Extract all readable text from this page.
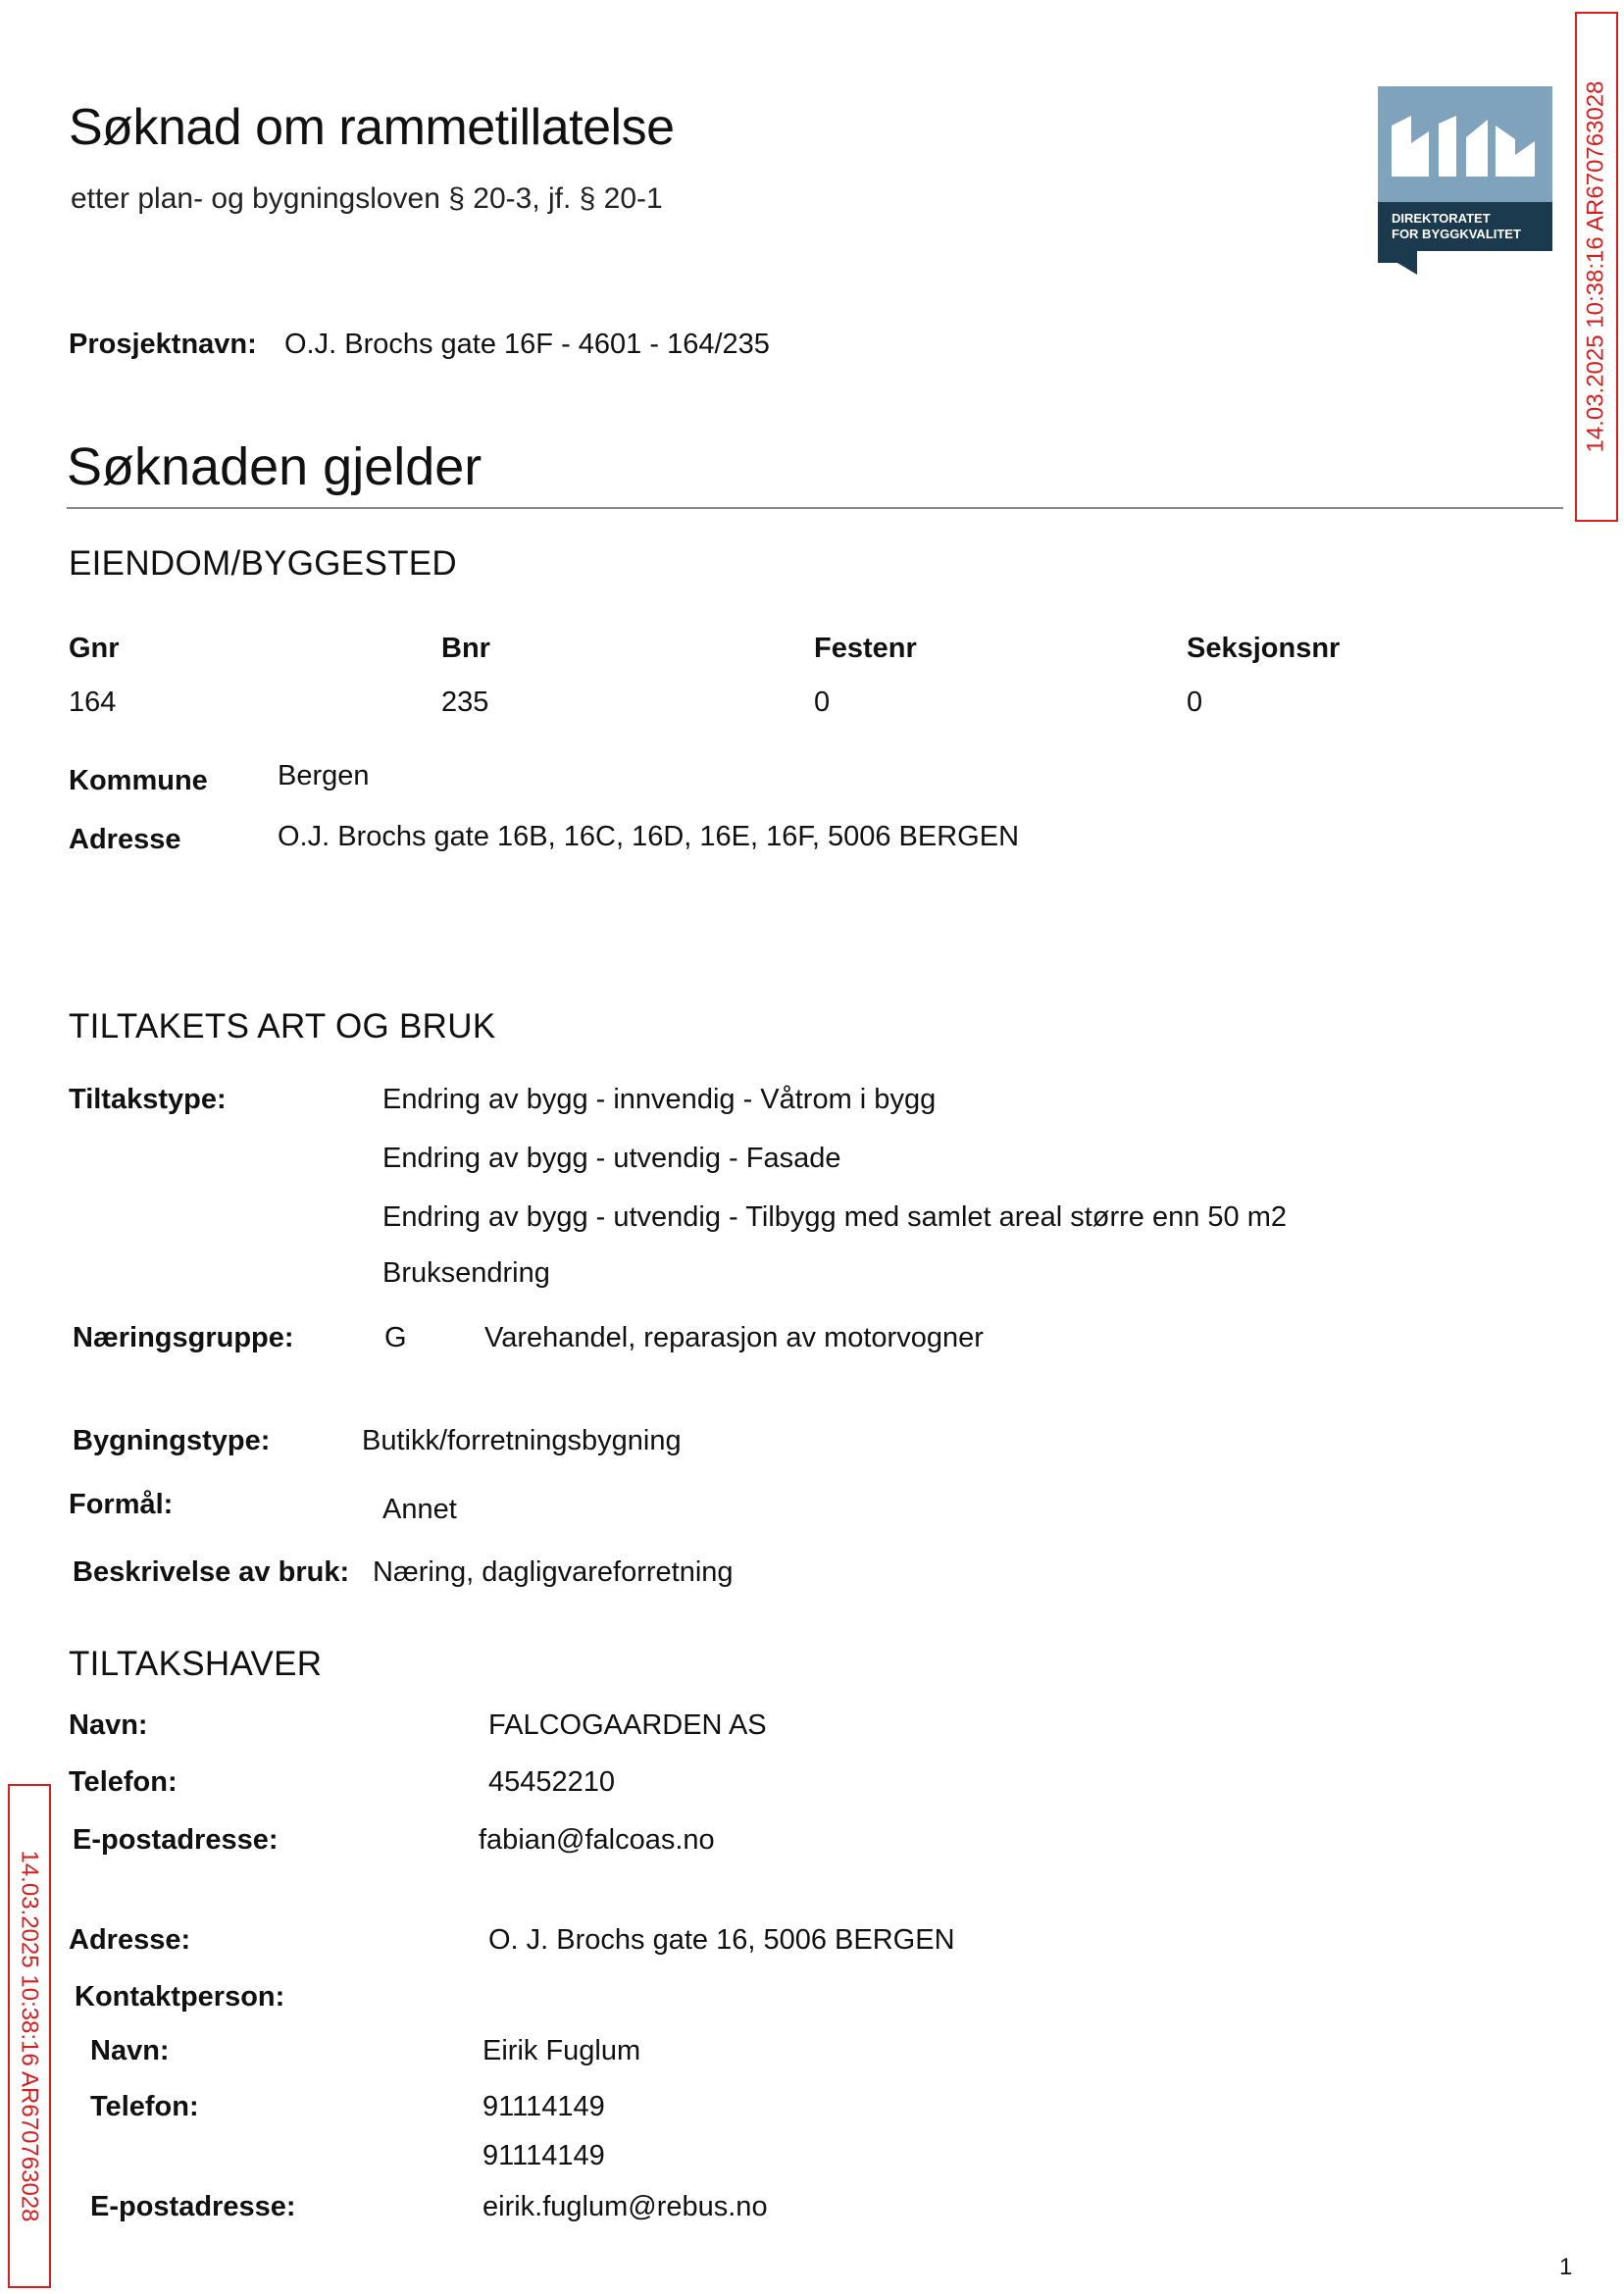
Søknad om rammetillatelse
etter plan- og bygningsloven § 20-3, jf. § 20-1
DIREKTORATET
FOR BYGGKVALITET	14.03.2025 10:38:16 AR670763028
14.03.2025 10:38:16 AR670763028
Prosjektnavn: O.J. Brochs gate 16F - 4601 - 164/235
Søknaden gjelder
EIENDOM/BYGGESTED
Gnr	Bnr	Festenr	Seksjonsnr
164	235	0	0
Kommune Bergen
Adresse	O.J. Brochs gate 16B, 16C, 16D, 16E, 16F, 5006 BERGEN
TILTAKETS ART OG BRUK
Tiltakstype:	Endring av bygg - innvendig - Våtrom i bygg
Endring av bygg - utvendig - Fasade
Endring av bygg - utvendig - Tilbygg med samlet areal større enn 50 m2
Bruksendring
Næringsgruppe:	G	Varehandel, reparasjon av motorvogner
Bygningstype:	Butikk/forretningsbygning
Formål:	Annet
Beskrivelse av bruk: Næring, dagligvareforretning
TILTAKSHAVER
Navn:	FALCOGAARDEN AS
Telefon:	45452210
E-postadresse:	fabian@falcoas.no
Adresse:	O. J. Brochs gate 16, 5006 BERGEN
Kontaktperson:
Navn:	Eirik Fuglum
Telefon:	91114149
91114149
E-postadresse:	eirik.fuglum@rebus.no
1
